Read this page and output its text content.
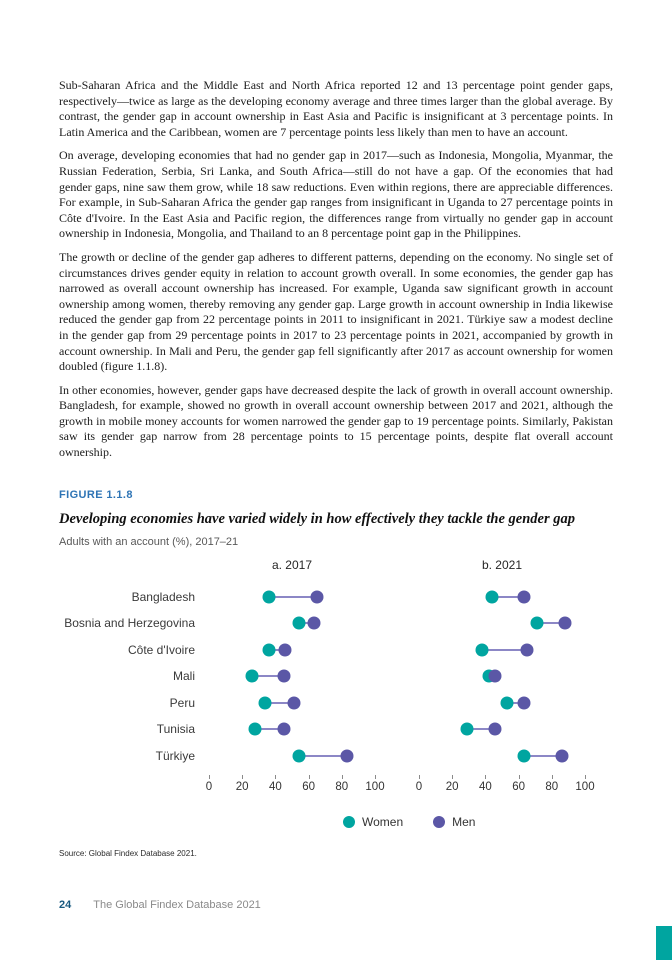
Sub-Saharan Africa and the Middle East and North Africa reported 12 and 13 percentage point gender gaps, respectively—twice as large as the developing economy average and three times larger than the global average. By contrast, the gender gap in account ownership in East Asia and Pacific is insignificant at 3 percentage points. In Latin America and the Caribbean, women are 7 percentage points less likely than men to have an account.

On average, developing economies that had no gender gap in 2017—such as Indonesia, Mongolia, Myanmar, the Russian Federation, Serbia, Sri Lanka, and South Africa—still do not have a gap. Of the economies that had gender gaps, nine saw them grow, while 18 saw reductions. Even within regions, there are appreciable differences. For example, in Sub-Saharan Africa the gender gap ranges from insignificant in Uganda to 27 percentage points in Côte d'Ivoire. In the East Asia and Pacific region, the differences range from virtually no gender gap in account ownership in Indonesia, Mongolia, and Thailand to an 8 percentage point gap in the Philippines.

The growth or decline of the gender gap adheres to different patterns, depending on the economy. No single set of circumstances drives gender equity in relation to account growth overall. In some economies, the gender gap has narrowed as overall account ownership has increased. For example, Uganda saw significant growth in account ownership among women, thereby removing any gender gap. Large growth in account ownership in India likewise reduced the gender gap from 22 percentage points in 2011 to insignificant in 2021. Türkiye saw a modest decline in the gender gap from 29 percentage points in 2017 to 23 percentage points in 2021, accompanied by growth in account ownership. In Mali and Peru, the gender gap fell significantly after 2017 as account ownership for women doubled (figure 1.1.8).

In other economies, however, gender gaps have decreased despite the lack of growth in overall account ownership. Bangladesh, for example, showed no growth in overall account ownership between 2017 and 2021, although the growth in mobile money accounts for women narrowed the gender gap to 19 percentage points. Similarly, Pakistan saw its gender gap narrow from 28 percentage points to 15 percentage points, despite flat overall account ownership.

FIGURE 1.1.8

Developing economies have varied widely in how effectively they tackle the gender gap

Adults with an account (%), 2017–21

a. 2017	b. 2021
Bangladesh
Bosnia and Herzegovina
Côte d'Ivoire
Mali
Peru
Tunisia
Türkiye
0 20 40 60 80 100	0 20 40 60 80 100
Women	Men

Source: Global Findex Database 2021.

24 The Global Findex Database 2021
